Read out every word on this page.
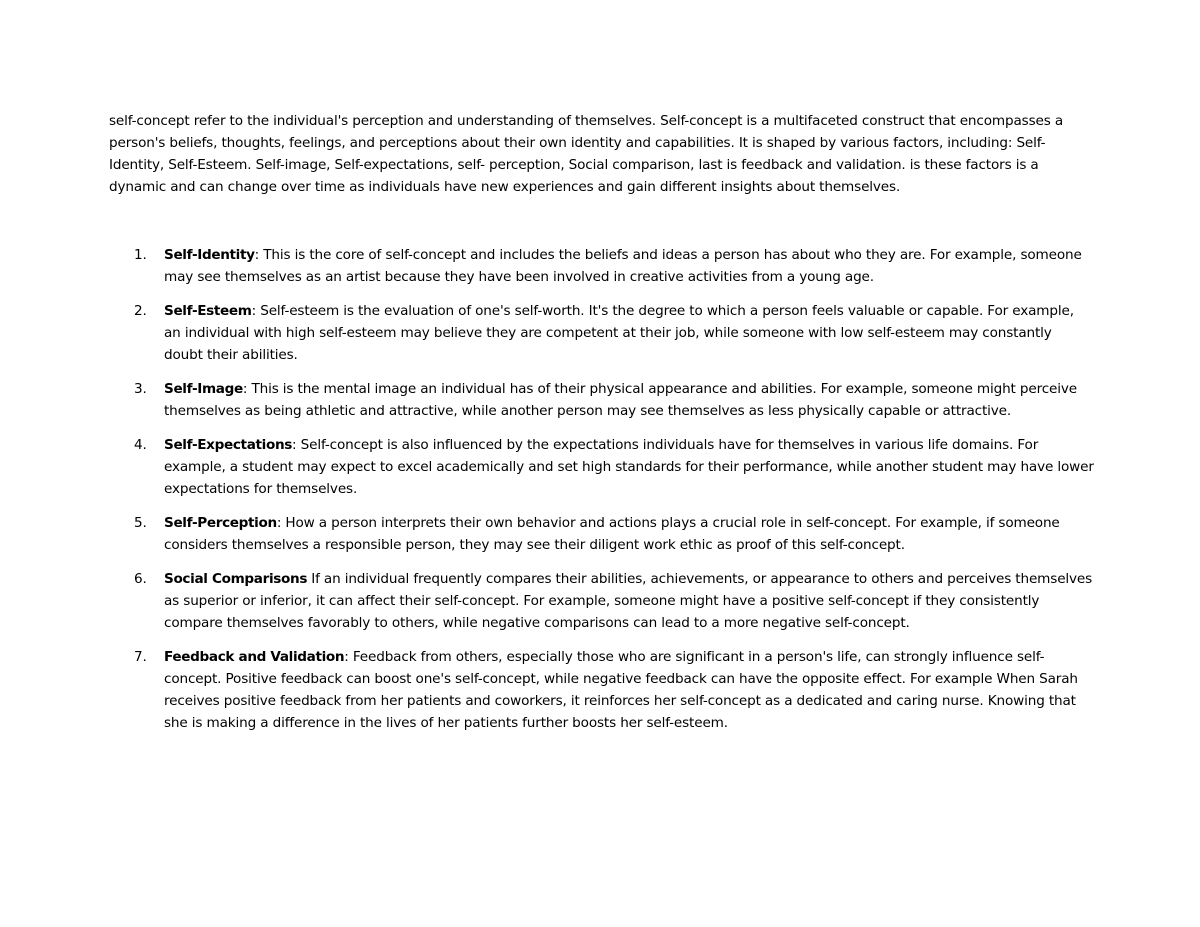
self-concept refer to the individual's perception and understanding of themselves. Self-concept is a multifaceted construct that encompasses a person's beliefs, thoughts, feelings, and perceptions about their own identity and capabilities. It is shaped by various factors, including: Self-Identity, Self-Esteem. Self-image, Self-expectations, self- perception, Social comparison, last is feedback and validation. is these factors is a dynamic and can change over time as individuals have new experiences and gain different insights about themselves.

1.	Self-Identity: This is the core of self-concept and includes the beliefs and ideas a person has about who they are. For example, someone may see themselves as an artist because they have been involved in creative activities from a young age.
2.	Self-Esteem: Self-esteem is the evaluation of one's self-worth. It's the degree to which a person feels valuable or capable. For example, an individual with high self-esteem may believe they are competent at their job, while someone with low self-esteem may constantly doubt their abilities.
3.	Self-Image: This is the mental image an individual has of their physical appearance and abilities. For example, someone might perceive themselves as being athletic and attractive, while another person may see themselves as less physically capable or attractive.
4.	Self-Expectations: Self-concept is also influenced by the expectations individuals have for themselves in various life domains. For example, a student may expect to excel academically and set high standards for their performance, while another student may have lower expectations for themselves.
5.	Self-Perception: How a person interprets their own behavior and actions plays a crucial role in self-concept. For example, if someone considers themselves a responsible person, they may see their diligent work ethic as proof of this self-concept.
6.	Social Comparisons If an individual frequently compares their abilities, achievements, or appearance to others and perceives themselves as superior or inferior, it can affect their self-concept. For example, someone might have a positive self-concept if they consistently compare themselves favorably to others, while negative comparisons can lead to a more negative self-concept.
7.	Feedback and Validation: Feedback from others, especially those who are significant in a person's life, can strongly influence self-concept. Positive feedback can boost one's self-concept, while negative feedback can have the opposite effect. For example When Sarah receives positive feedback from her patients and coworkers, it reinforces her self-concept as a dedicated and caring nurse. Knowing that she is making a difference in the lives of her patients further boosts her self-esteem.
